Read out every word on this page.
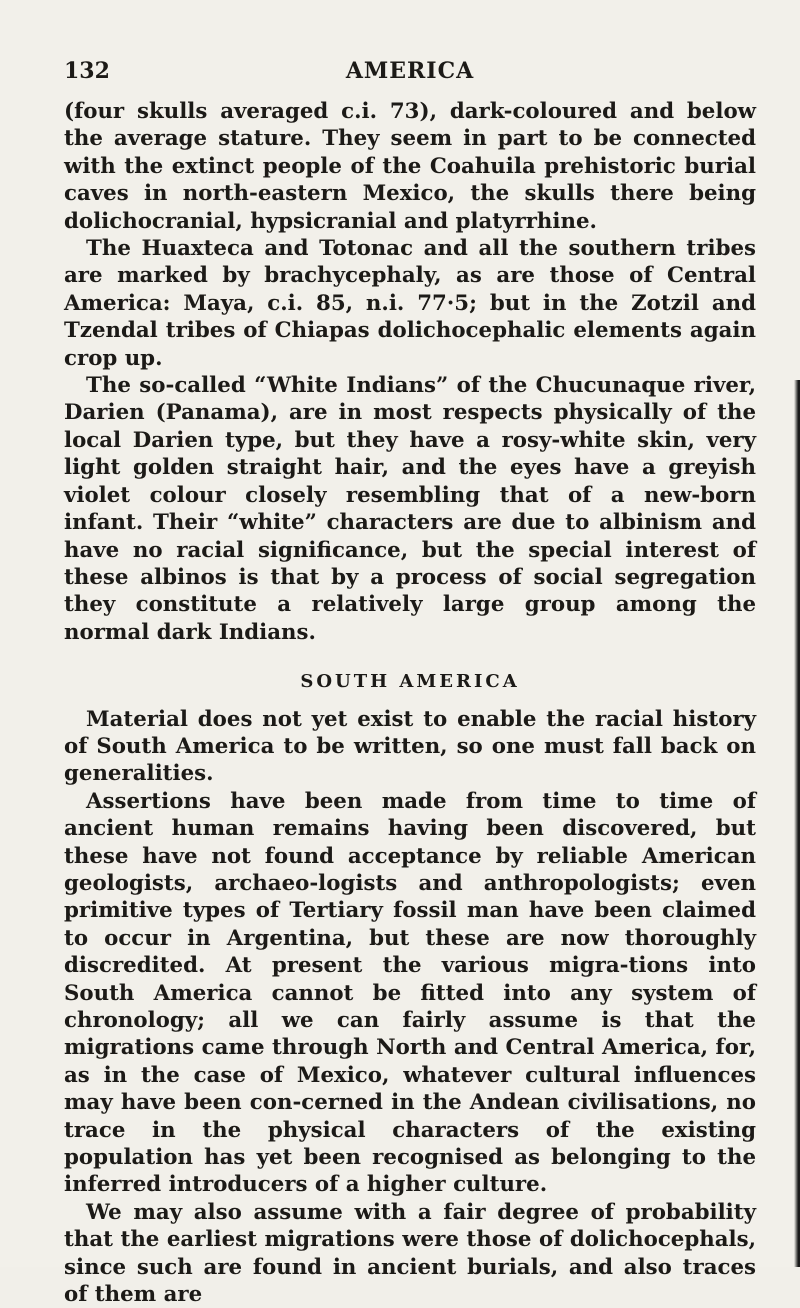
132	AMERICA

(four skulls averaged c.i. 73), dark-coloured and below the average stature. They seem in part to be connected with the extinct people of the Coahuila prehistoric burial caves in north-eastern Mexico, the skulls there being dolichocranial, hypsicranial and platyrrhine.

The Huaxteca and Totonac and all the southern tribes are marked by brachycephaly, as are those of Central America: Maya, c.i. 85, n.i. 77·5; but in the Zotzil and Tzendal tribes of Chiapas dolichocephalic elements again crop up.

The so-called “White Indians” of the Chucunaque river, Darien (Panama), are in most respects physically of the local Darien type, but they have a rosy-white skin, very light golden straight hair, and the eyes have a greyish violet colour closely resembling that of a new-born infant. Their “white” characters are due to albinism and have no racial significance, but the special interest of these albinos is that by a process of social segregation they constitute a relatively large group among the normal dark Indians.

SOUTH AMERICA

Material does not yet exist to enable the racial history of South America to be written, so one must fall back on generalities.

Assertions have been made from time to time of ancient human remains having been discovered, but these have not found acceptance by reliable American geologists, archaeo-logists and anthropologists; even primitive types of Tertiary fossil man have been claimed to occur in Argentina, but these are now thoroughly discredited. At present the various migra-tions into South America cannot be fitted into any system of chronology; all we can fairly assume is that the migrations came through North and Central America, for, as in the case of Mexico, whatever cultural influences may have been con-cerned in the Andean civilisations, no trace in the physical characters of the existing population has yet been recognised as belonging to the inferred introducers of a higher culture.

We may also assume with a fair degree of probability that the earliest migrations were those of dolichocephals, since such are found in ancient burials, and also traces of them are
